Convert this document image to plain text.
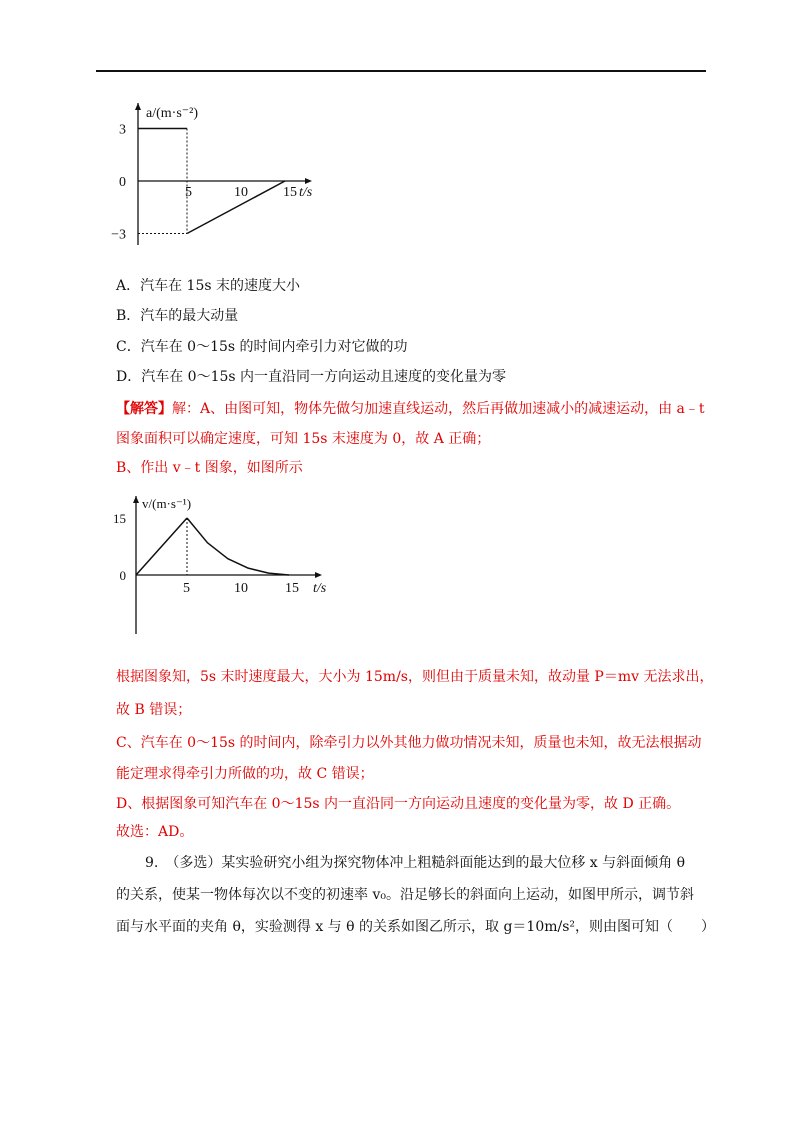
5	10	15
3
0
−3
a/(m·s⁻²)
t/s
A．汽车在 15s 末的速度大小
B．汽车的最大动量
C．汽车在 0～15s 的时间内牵引力对它做的功
D．汽车在 0～15s 内一直沿同一方向运动且速度的变化量为零
【解答】解：A、由图可知，物体先做匀加速直线运动，然后再做加速减小的减速运动，由 a﹣t
图象面积可以确定速度，可知 15s 末速度为 0，故 A 正确；
B、作出 v﹣t 图象，如图所示
5	10	15
15
0
v/(m·s⁻¹)
t/s
根据图象知，5s 末时速度最大，大小为 15m/s，则但由于质量未知，故动量 P＝mv 无法求出，
故 B 错误；
C、汽车在 0～15s 的时间内，除牵引力以外其他力做功情况未知，质量也未知，故无法根据动
能定理求得牵引力所做的功，故 C 错误；
D、根据图象可知汽车在 0～15s 内一直沿同一方向运动且速度的变化量为零，故 D 正确。
故选：AD。
9.　（多选）某实验研究小组为探究物体冲上粗糙斜面能达到的最大位移 x 与斜面倾角 θ
的关系，使某一物体每次以不变的初速率 v₀。沿足够长的斜面向上运动，如图甲所示，调节斜
面与水平面的夹角 θ，实验测得 x 与 θ 的关系如图乙所示，取 g＝10m/s²，则由图可知（　　）
